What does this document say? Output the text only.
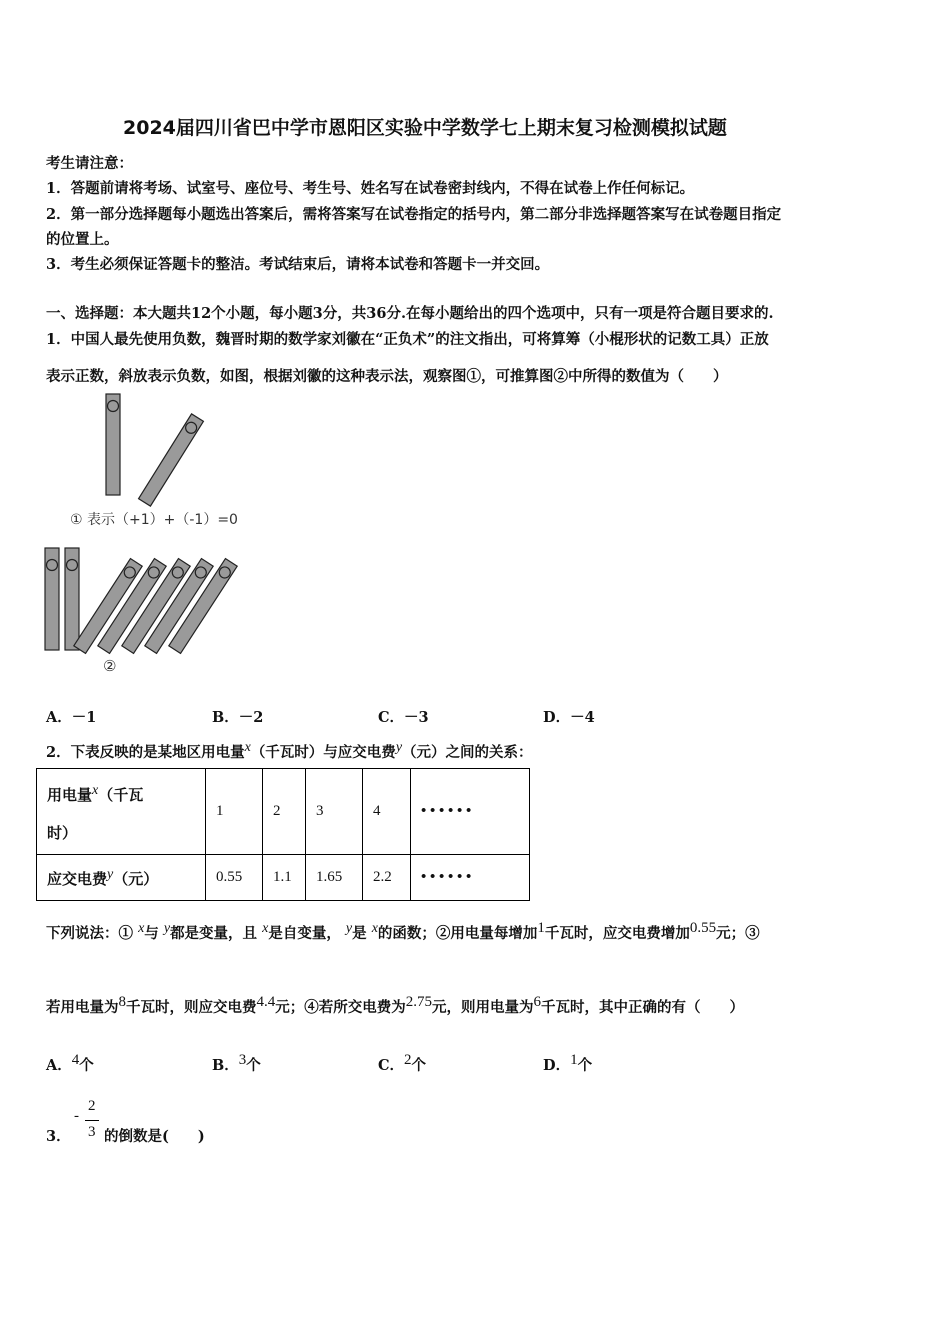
2024届四川省巴中学市恩阳区实验中学数学七上期末复习检测模拟试题
考生请注意：
1．答题前请将考场、试室号、座位号、考生号、姓名写在试卷密封线内，不得在试卷上作任何标记。
2．第一部分选择题每小题选出答案后，需将答案写在试卷指定的括号内，第二部分非选择题答案写在试卷题目指定
的位置上。
3．考生必须保证答题卡的整洁。考试结束后，请将本试卷和答题卡一并交回。
一、选择题：本大题共12个小题，每小题3分，共36分.在每小题给出的四个选项中，只有一项是符合题目要求的.
1．中国人最先使用负数，魏晋时期的数学家刘徽在“正负术”的注文指出，可将算筹（小棍形状的记数工具）正放
表示正数，斜放表示负数，如图，根据刘徽的这种表示法，观察图①，可推算图②中所得的数值为（　　）
① 表示（+1）+（-1）=0
②
A．－1	B．－2	C．－3	D．－4
2．下表反映的是某地区用电量$^x$（千瓦时）与应交电费$^y$（元）之间的关系：
用电量$^x$（千瓦
时）	1	2	3	4	• • • • • •
应交电费$^y$（元）	0.55	1.1	1.65	2.2	• • • • • •
下列说法：① $^x$与 $^y$都是变量，且 $^x$是自变量， $^y$是 $^x$的函数；②用电量每增加$^1$千瓦时，应交电费增加$^{0.55}$元；③
若用电量为$^8$千瓦时，则应交电费$^{4.4}$元；④若所交电费为$^{2.75}$元，则用电量为$^6$千瓦时，其中正确的有（　　）
A．$^4$个	B．$^3$个	C．$^2$个	D．$^1$个
3．
-
2
3 的倒数是(　　)
